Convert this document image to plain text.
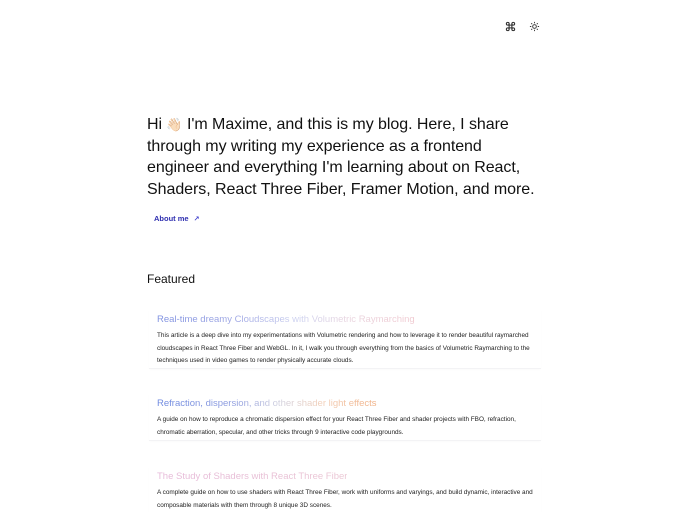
Hi 👋🏻 I'm Maxime, and this is my blog. Here, I share through my writing my experience as a frontend engineer and everything I'm learning about on React, Shaders, React Three Fiber, Framer Motion, and more.

About me ↗
Featured
Real-time dreamy Cloudscapes with Volumetric Raymarching

This article is a deep dive into my experimentations with Volumetric rendering and how to leverage it to render beautiful raymarched cloudscapes in React Three Fiber and WebGL. In it, I walk you through everything from the basics of Volumetric Raymarching to the techniques used in video games to render physically accurate clouds.

Refraction, dispersion, and other shader light effects

A guide on how to reproduce a chromatic dispersion effect for your React Three Fiber and shader projects with FBO, refraction, chromatic aberration, specular, and other tricks through 9 interactive code playgrounds.

The Study of Shaders with React Three Fiber

A complete guide on how to use shaders with React Three Fiber, work with uniforms and varyings, and build dynamic, interactive and composable materials with them through 8 unique 3D scenes.
